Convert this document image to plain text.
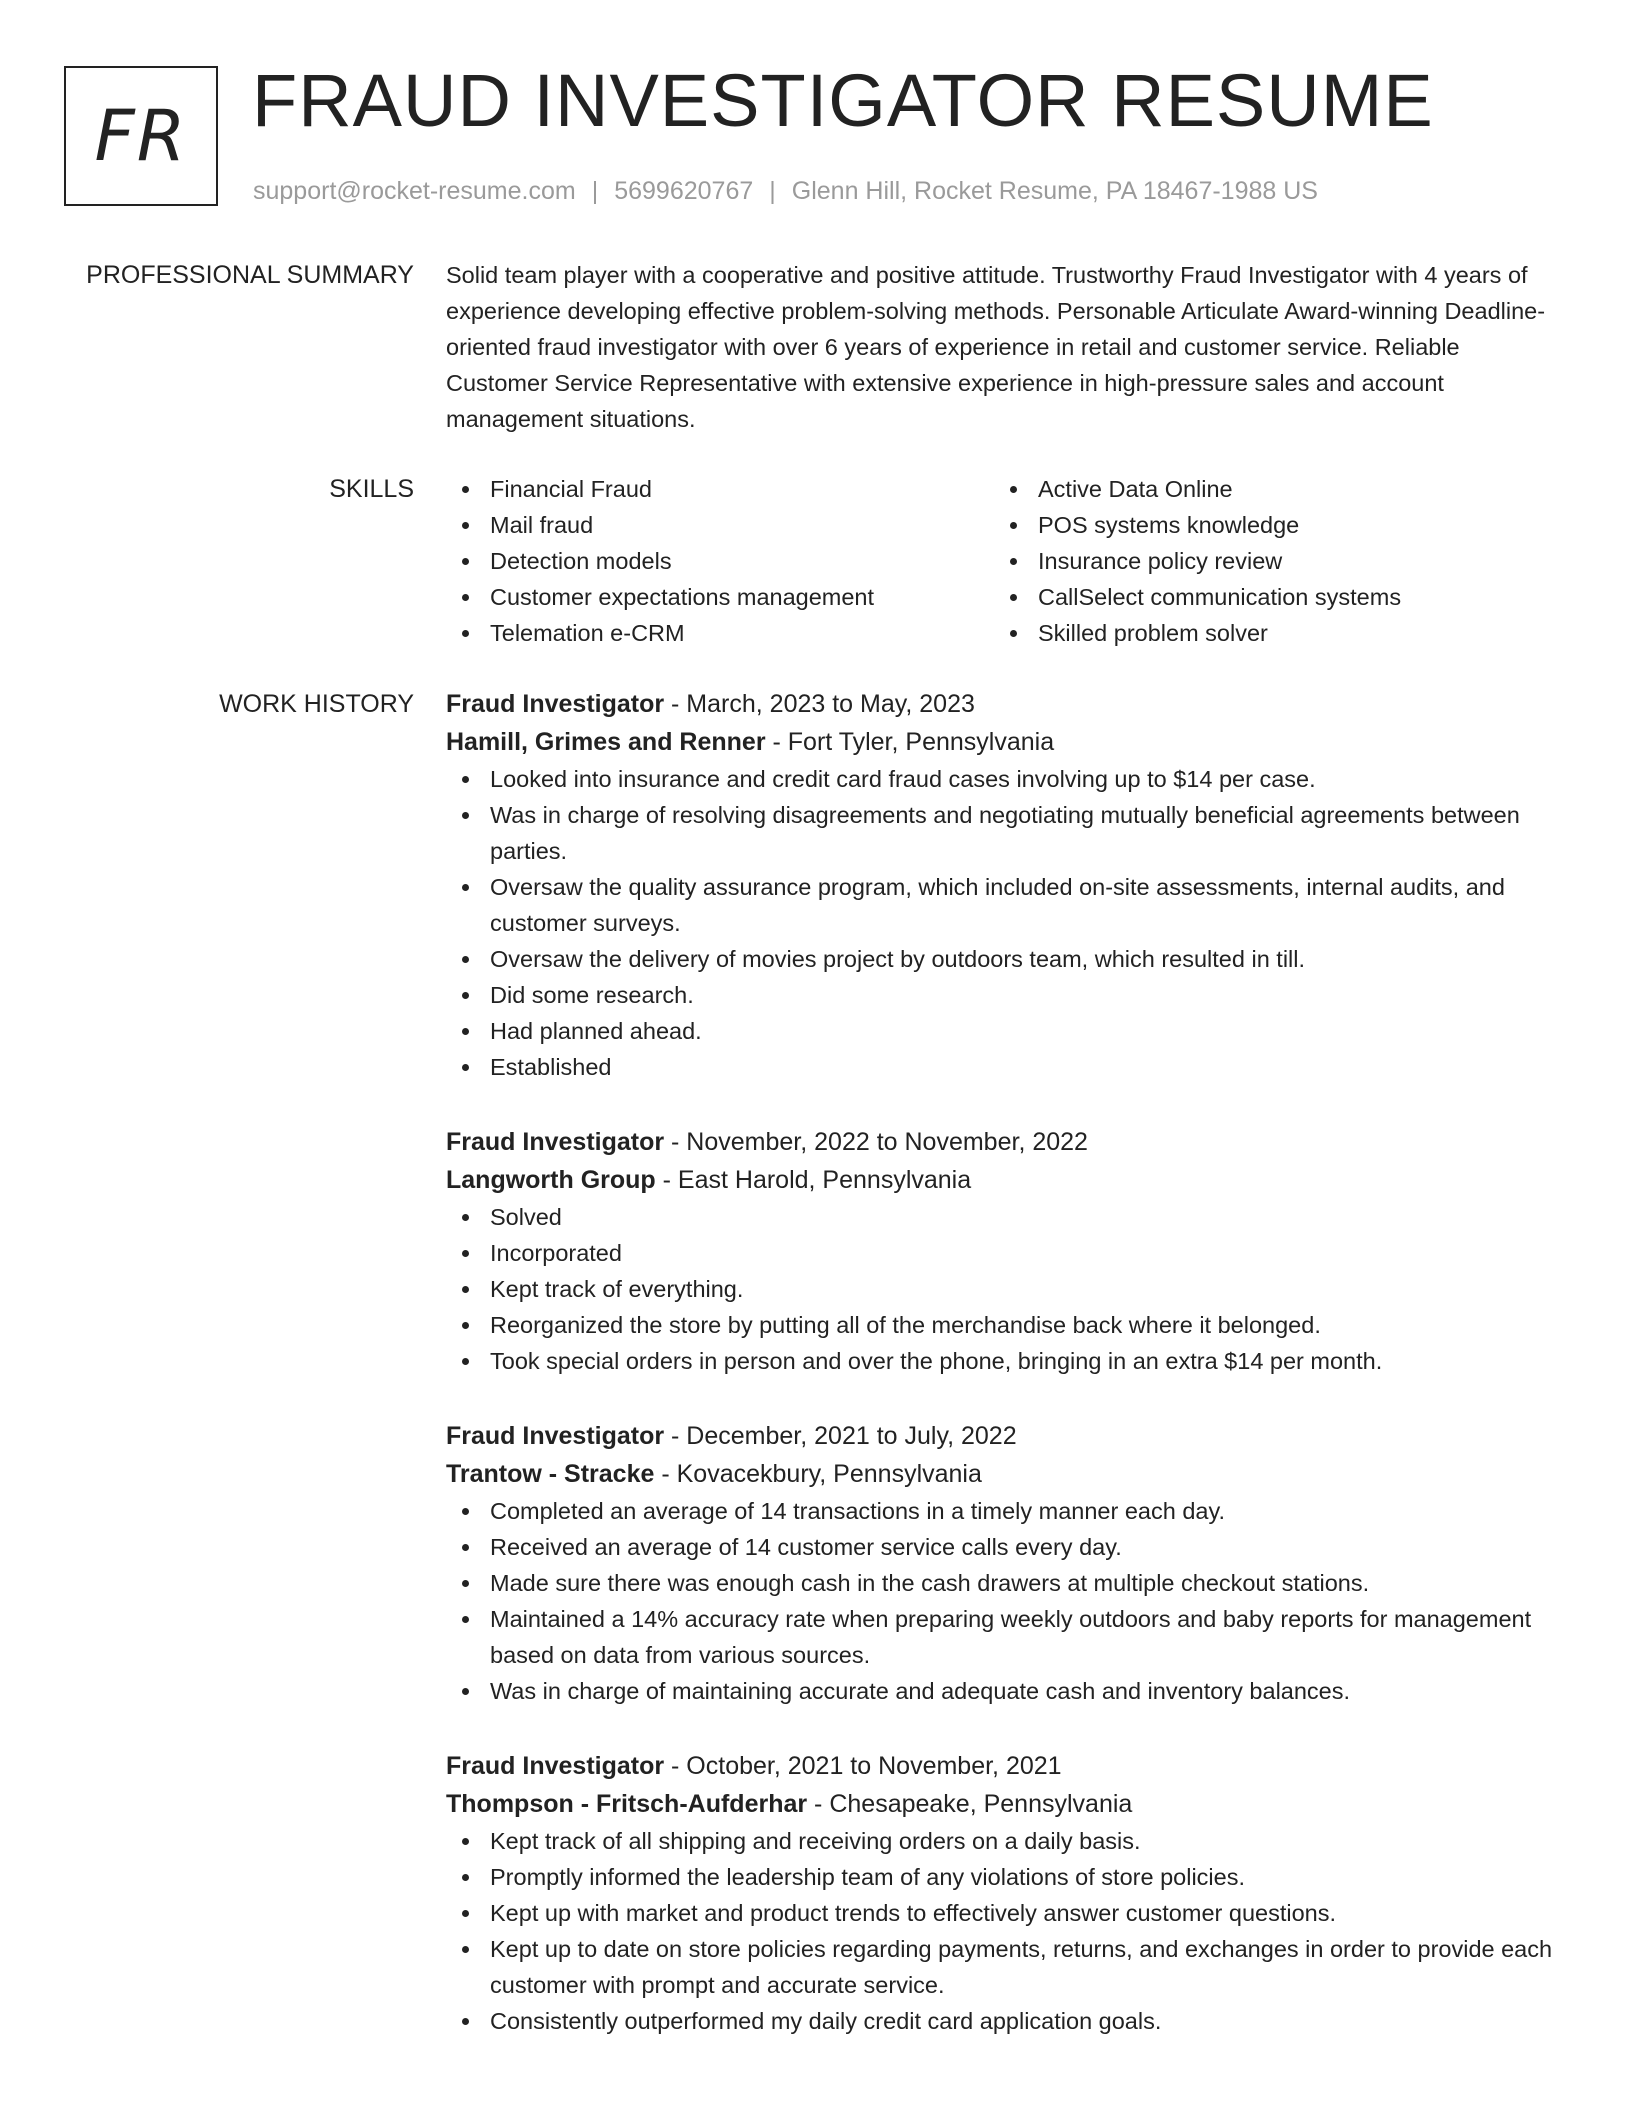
FR FRAUD INVESTIGATOR RESUME
support@rocket-resume.com | 5699620767 | Glenn Hill, Rocket Resume, PA 18467-1988 US
PROFESSIONAL SUMMARY Solid team player with a cooperative and positive attitude. Trustworthy Fraud Investigator with 4 years of experience developing effective problem-solving methods. Personable Articulate Award-winning Deadline-oriented fraud investigator with over 6 years of experience in retail and customer service. Reliable Customer Service Representative with extensive experience in high-pressure sales and account management situations.

SKILLS	Financial Fraud
Mail fraud
Detection models
Customer expectations management
Telemation e-CRM
Active Data Online
POS systems knowledge
Insurance policy review
CallSelect communication systems
Skilled problem solver
WORK HISTORY Fraud Investigator - March, 2023 to May, 2023
Hamill, Grimes and Renner - Fort Tyler, Pennsylvania
Looked into insurance and credit card fraud cases involving up to $14 per case.
Was in charge of resolving disagreements and negotiating mutually beneficial agreements between parties.
Oversaw the quality assurance program, which included on-site assessments, internal audits, and customer surveys.
Oversaw the delivery of movies project by outdoors team, which resulted in till.
Did some research.
Had planned ahead.
Established
Fraud Investigator - November, 2022 to November, 2022
Langworth Group - East Harold, Pennsylvania
Solved
Incorporated
Kept track of everything.
Reorganized the store by putting all of the merchandise back where it belonged.
Took special orders in person and over the phone, bringing in an extra $14 per month.
Fraud Investigator - December, 2021 to July, 2022
Trantow - Stracke - Kovacekbury, Pennsylvania
Completed an average of 14 transactions in a timely manner each day.
Received an average of 14 customer service calls every day.
Made sure there was enough cash in the cash drawers at multiple checkout stations.
Maintained a 14% accuracy rate when preparing weekly outdoors and baby reports for management based on data from various sources.
Was in charge of maintaining accurate and adequate cash and inventory balances.
Fraud Investigator - October, 2021 to November, 2021
Thompson - Fritsch-Aufderhar - Chesapeake, Pennsylvania
Kept track of all shipping and receiving orders on a daily basis.
Promptly informed the leadership team of any violations of store policies.
Kept up with market and product trends to effectively answer customer questions.
Kept up to date on store policies regarding payments, returns, and exchanges in order to provide each customer with prompt and accurate service.
Consistently outperformed my daily credit card application goals.
